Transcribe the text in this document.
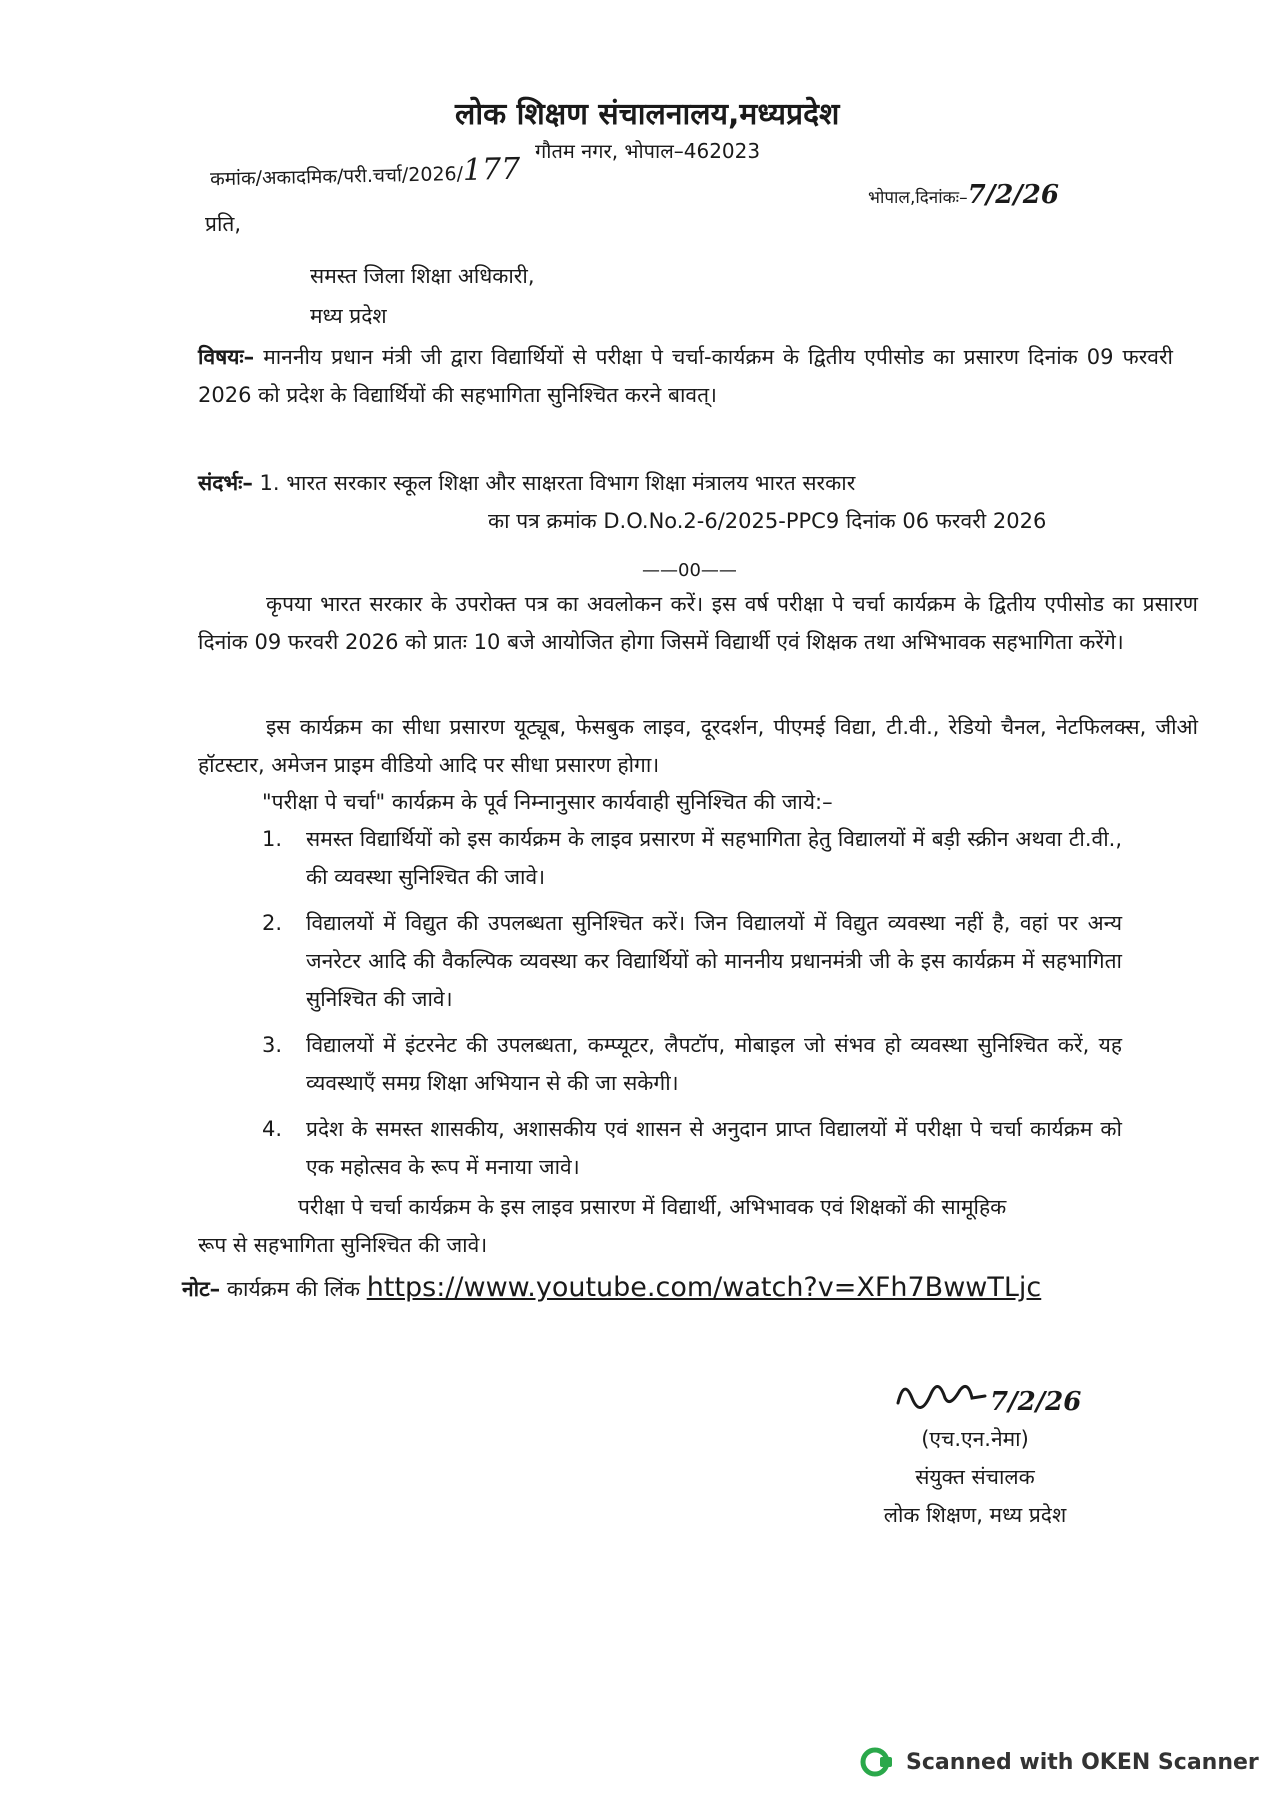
लोक शिक्षण संचालनालय,मध्यप्रदेश
गौतम नगर, भोपाल–462023
कमांक/अकादमिक/परी.चर्चा/2026/177
भोपाल,दिनांकः–7/2/26
प्रति,
समस्त जिला शिक्षा अधिकारी,
मध्य प्रदेश
विषयः– माननीय प्रधान मंत्री जी द्वारा विद्यार्थियों से परीक्षा पे चर्चा-कार्यक्रम के द्वितीय एपीसोड का प्रसारण दिनांक 09 फरवरी 2026 को प्रदेश के विद्यार्थियों की सहभागिता सुनिश्चित करने बावत्।
संदर्भः– 1. भारत सरकार स्कूल शिक्षा और साक्षरता विभाग शिक्षा मंत्रालय भारत सरकार
का पत्र क्रमांक D.O.No.2-6/2025-PPC9 दिनांक 06 फरवरी 2026
——00——
कृपया भारत सरकार के उपरोक्त पत्र का अवलोकन करें। इस वर्ष परीक्षा पे चर्चा कार्यक्रम के द्वितीय एपीसोड का प्रसारण दिनांक 09 फरवरी 2026 को प्रातः 10 बजे आयोजित होगा जिसमें विद्यार्थी एवं शिक्षक तथा अभिभावक सहभागिता करेंगे।
इस कार्यक्रम का सीधा प्रसारण यूट्यूब, फेसबुक लाइव, दूरदर्शन, पीएमई विद्या, टी.वी., रेडियो चैनल, नेटफिलक्स, जीओ हॉटस्टार, अमेजन प्राइम वीडियो आदि पर सीधा प्रसारण होगा।
"परीक्षा पे चर्चा" कार्यक्रम के पूर्व निम्नानुसार कार्यवाही सुनिश्चित की जाये:–
1. समस्त विद्यार्थियों को इस कार्यक्रम के लाइव प्रसारण में सहभागिता हेतु विद्यालयों में बड़ी स्क्रीन अथवा टी.वी., की व्यवस्था सुनिश्चित की जावे।
2. विद्यालयों में विद्युत की उपलब्धता सुनिश्चित करें। जिन विद्यालयों में विद्युत व्यवस्था नहीं है, वहां पर अन्य जनरेटर आदि की वैकल्पिक व्यवस्था कर विद्यार्थियों को माननीय प्रधानमंत्री जी के इस कार्यक्रम में सहभागिता सुनिश्चित की जावे।
3. विद्यालयों में इंटरनेट की उपलब्धता, कम्प्यूटर, लैपटॉप, मोबाइल जो संभव हो व्यवस्था सुनिश्चित करें, यह व्यवस्थाएँ समग्र शिक्षा अभियान से की जा सकेगी।
4. प्रदेश के समस्त शासकीय, अशासकीय एवं शासन से अनुदान प्राप्त विद्यालयों में परीक्षा पे चर्चा कार्यक्रम को एक महोत्सव के रूप में मनाया जावे।
परीक्षा पे चर्चा कार्यक्रम के इस लाइव प्रसारण में विद्यार्थी, अभिभावक एवं शिक्षकों की सामूहिक रूप से सहभागिता सुनिश्चित की जावे।
नोट– कार्यक्रम की लिंक https://www.youtube.com/watch?v=XFh7BwwTLjc
7/2/26
(एच.एन.नेमा)
संयुक्त संचालक
लोक शिक्षण, मध्य प्रदेश
Scanned with OKEN Scanner
